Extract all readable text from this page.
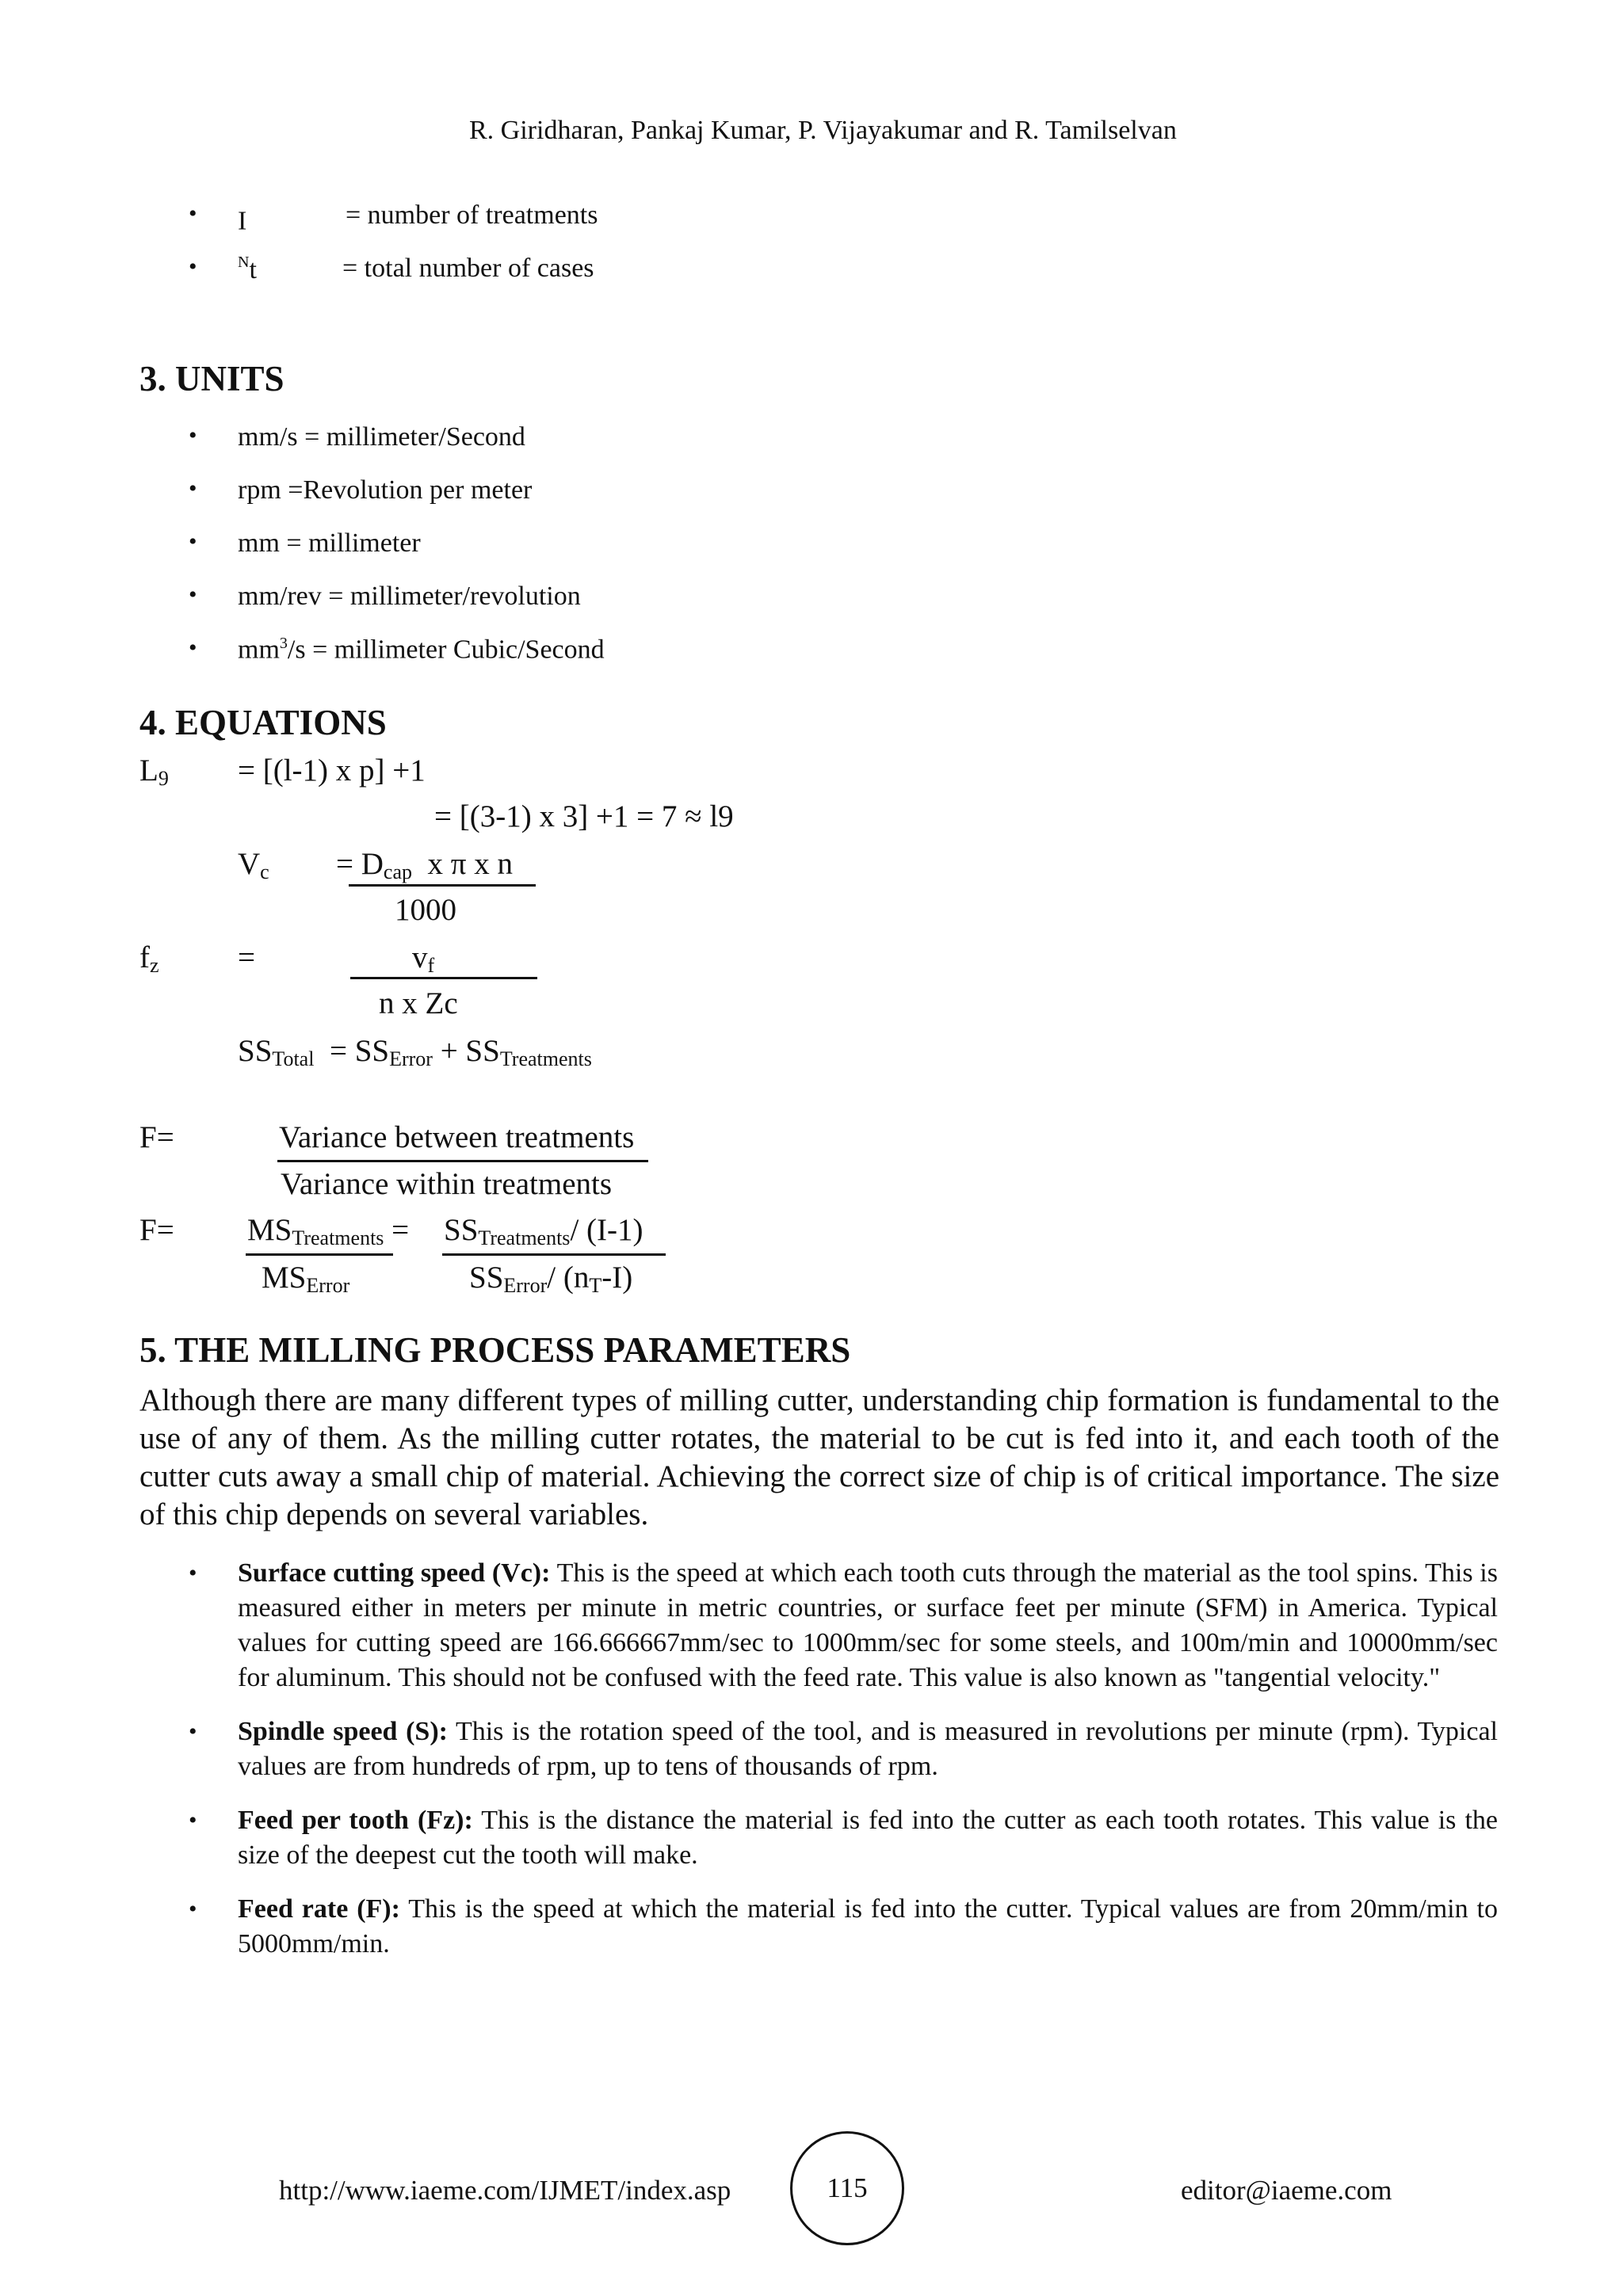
R. Giridharan, Pankaj Kumar, P. Vijayakumar and R. Tamilselvan
• I	= number of treatments
•	$^N$t	= total number of cases
3. UNITS
• mm/s = millimeter/Second
• rpm =Revolution per meter
• mm = millimeter
• mm/rev = millimeter/revolution
• $mm^3/s$ = millimeter Cubic/Second
4. EQUATIONS
$L_9 = [(l-1)$ x p] +1
= [(3-1) x 3] +1 = 7 ≈ l9
$V_c = D_{cap}$  x π x n
1000
$f_z$	=	$v_f$
n x Zc
$SS_{Total} = SS_{Error} + SS_{Treatments}$
F=	Variance between treatments
Variance within treatments
$F= MS_{Treatments}$ =
$MS_{Error}$
$SS_{Treatments}/$ (I-1)
$SS_{Error}/$ $(n_T-I)$
5. THE MILLING PROCESS PARAMETERS

Although there are many different types of milling cutter, understanding chip formation is fundamental to the use of any of them. As the milling cutter rotates, the material to be cut is fed into it, and each tooth of the cutter cuts away a small chip of material. Achieving the correct size of chip is of critical importance. The size of this chip depends on several variables.

• Surface cutting speed (Vc): This is the speed at which each tooth cuts through the material as the tool spins. This is measured either in meters per minute in metric countries, or surface feet per minute (SFM) in America. Typical values for cutting speed are 166.666667mm/sec to 1000mm/sec for some steels, and 100m/min and 10000mm/sec for aluminum. This should not be confused with the feed rate. This value is also known as "tangential velocity."
• Spindle speed (S): This is the rotation speed of the tool, and is measured in revolutions per minute (rpm). Typical values are from hundreds of rpm, up to tens of thousands of rpm.
• Feed per tooth (Fz): This is the distance the material is fed into the cutter as each tooth rotates. This value is the size of the deepest cut the tooth will make.
• Feed rate (F): This is the speed at which the material is fed into the cutter. Typical values are from 20mm/min to 5000mm/min.
http://www.iaeme.com/IJMET/index.asp	115	editor@iaeme.com
